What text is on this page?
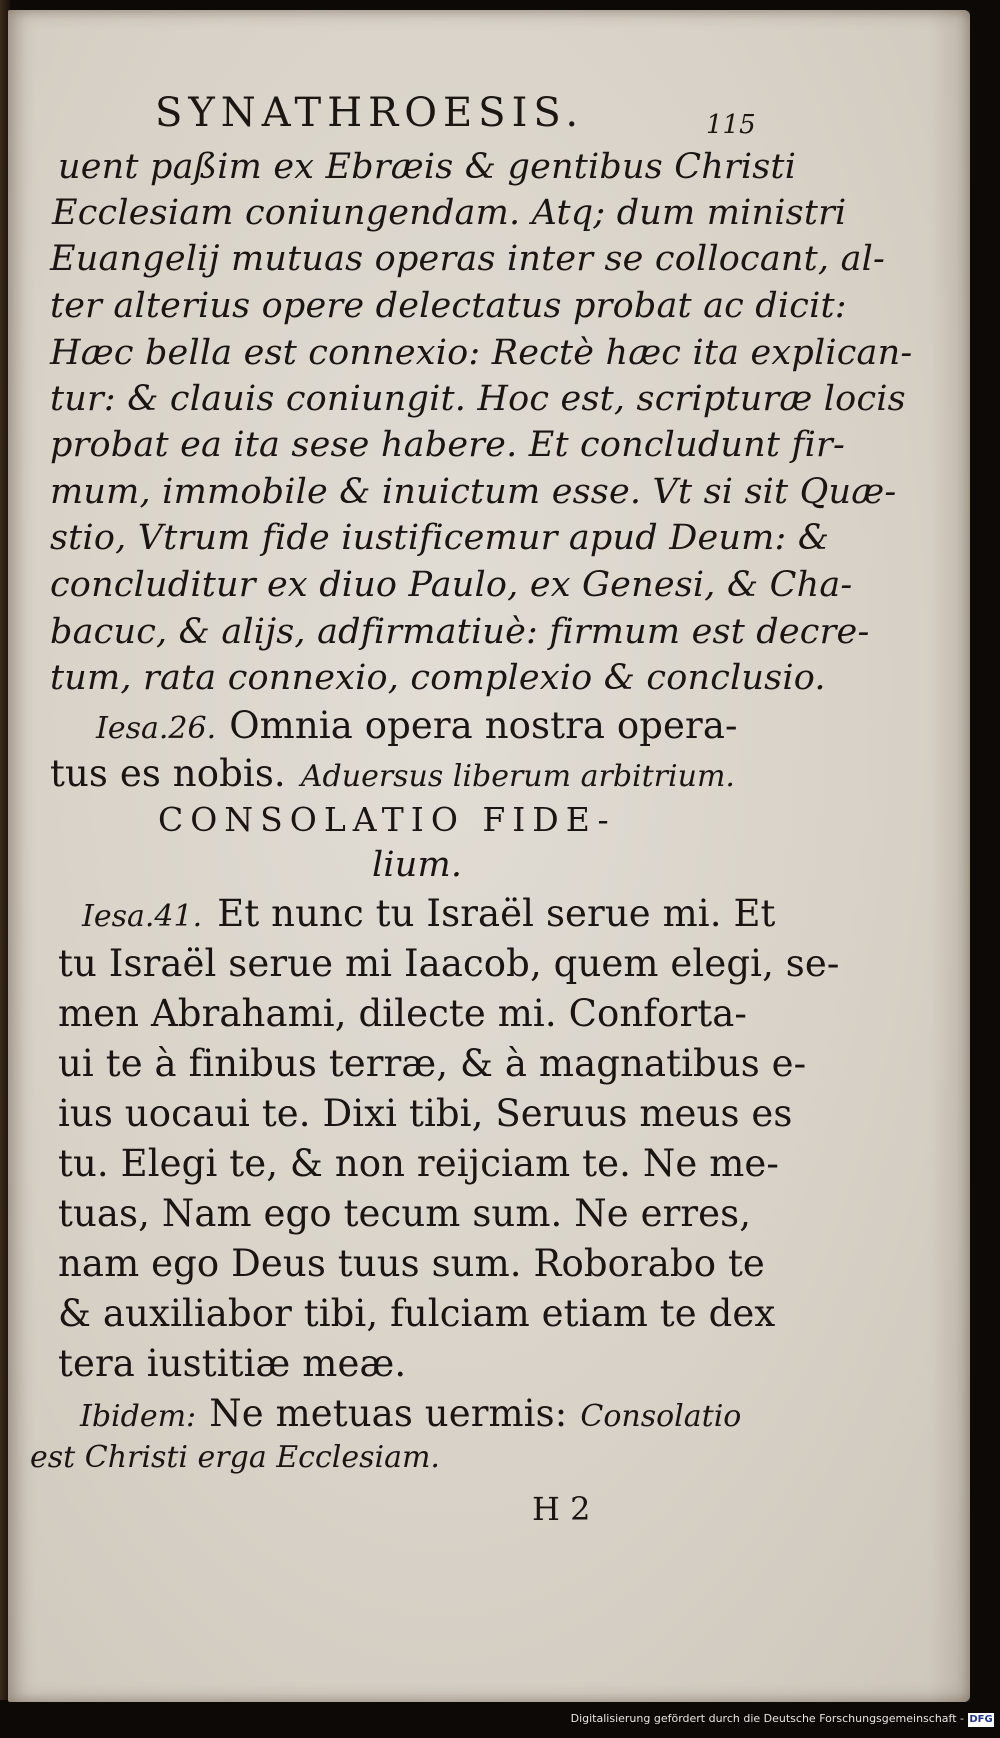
SYNATHROESIS.	115
uent paßim ex Ebræis & gentibus Christi
Ecclesiam coniungendam. Atq; dum ministri
Euangelij mutuas operas inter se collocant, al-
ter alterius opere delectatus probat ac dicit:
Hæc bella est connexio: Rectè hæc ita explican-
tur: & clauis coniungit. Hoc est, scripturæ locis
probat ea ita sese habere. Et concludunt fir-
mum, immobile & inuictum esse. Vt si sit Quæ-
stio, Vtrum fide iustificemur apud Deum: &
concluditur ex diuo Paulo, ex Genesi, & Cha-
bacuc, & alijs, adfirmatiuè: firmum est decre-
tum, rata connexio, complexio & conclusio.
Iesa.26. Omnia opera nostra opera-
tus es nobis. Aduersus liberum arbitrium.
CONSOLATIO FIDE-
lium.
Iesa.41. Et nunc tu Israël serue mi. Et
tu Israël serue mi Iaacob, quem elegi, se-
men Abrahami, dilecte mi. Conforta-
ui te à finibus terræ, & à magnatibus e-
ius uocaui te. Dixi tibi, Seruus meus es
tu. Elegi te, & non reijciam te. Ne me-
tuas, Nam ego tecum sum. Ne erres,
nam ego Deus tuus sum. Roborabo te
& auxiliabor tibi, fulciam etiam te dex
tera iustitiæ meæ.
Ibidem: Ne metuas uermis: Consolatio
est Christi erga Ecclesiam.
H 2
Digitalisierung gefördert durch die Deutsche Forschungsgemeinschaft - DFG
